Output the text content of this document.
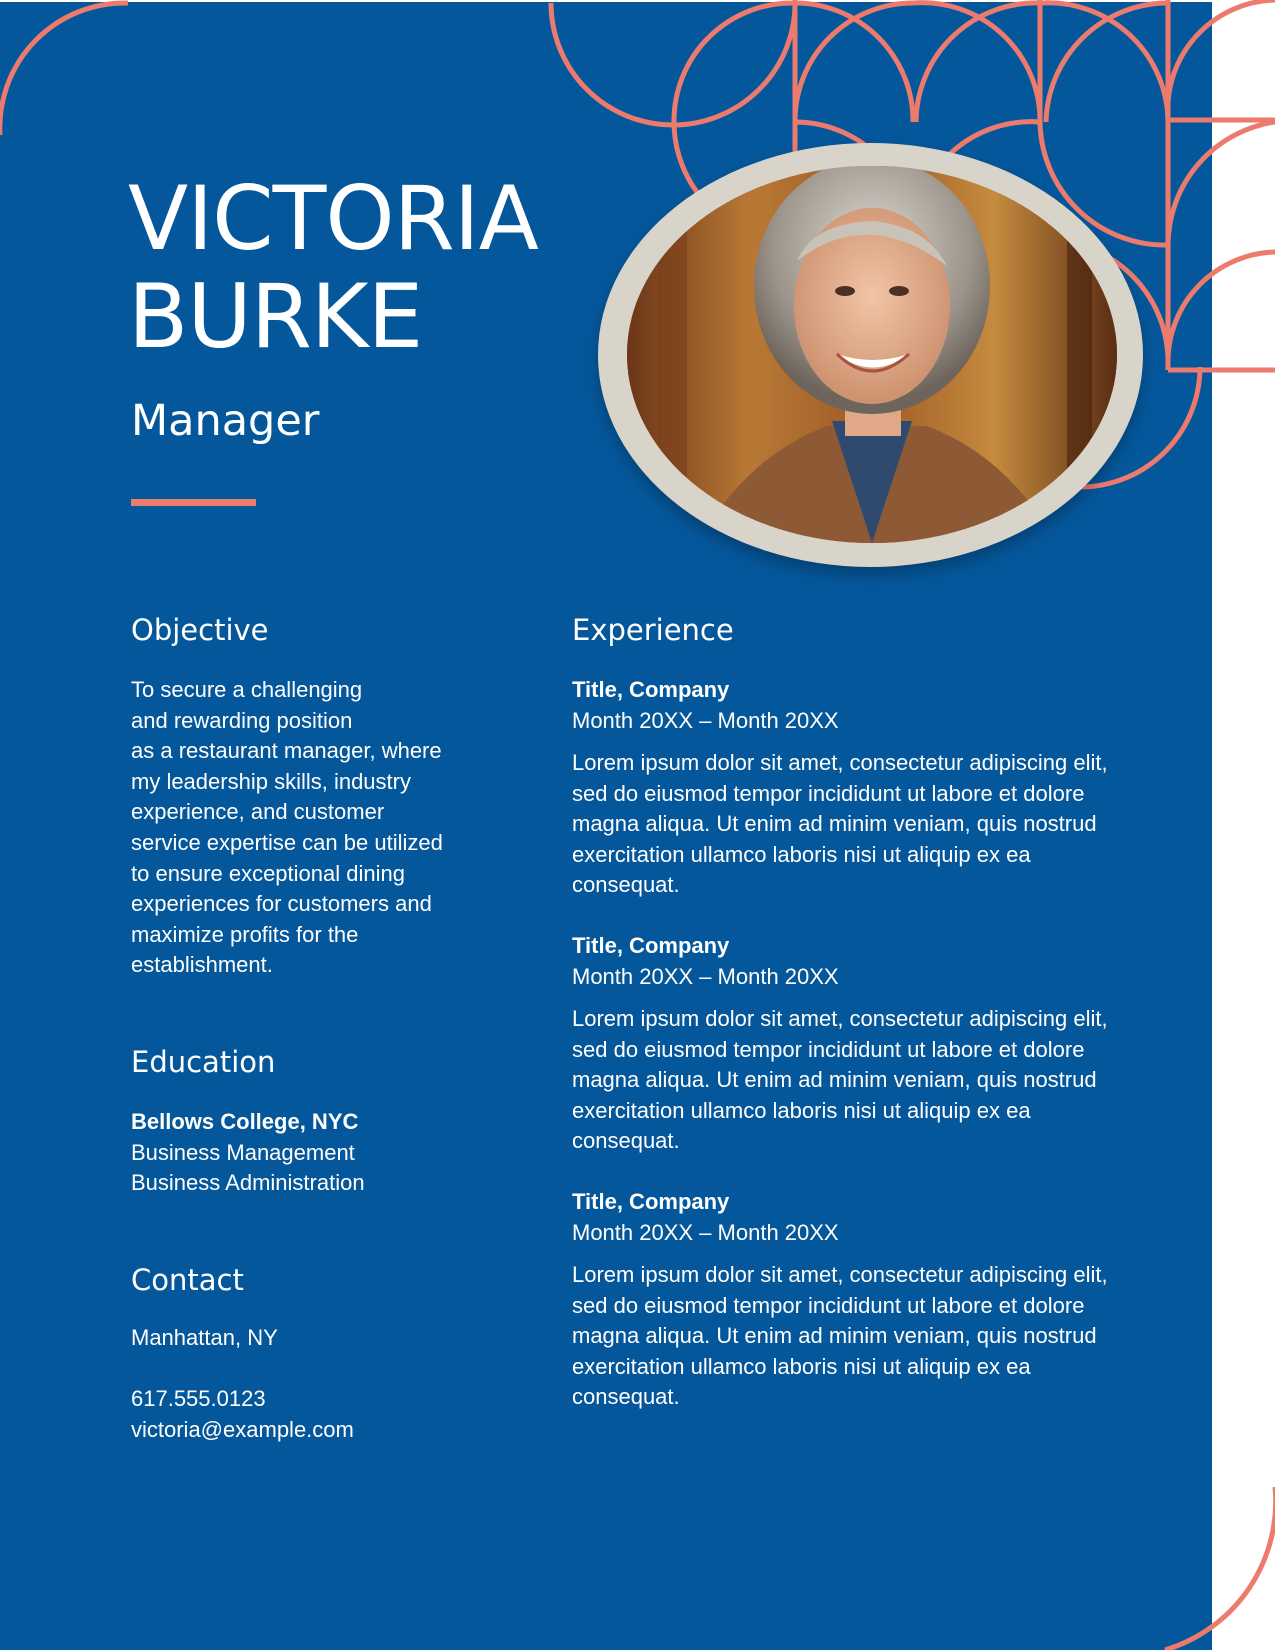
VICTORIA
BURKE
Manager
Objective
To secure a challenging
and rewarding position
as a restaurant manager, where
my leadership skills, industry
experience, and customer
service expertise can be utilized
to ensure exceptional dining
experiences for customers and
maximize profits for the
establishment.
Education
Bellows College, NYC
Business Management
Business Administration
Contact
Manhattan, NY
617.555.0123
victoria@example.com
Experience
Title, Company
Month 20XX – Month 20XX
Lorem ipsum dolor sit amet, consectetur adipiscing elit,
sed do eiusmod tempor incididunt ut labore et dolore
magna aliqua. Ut enim ad minim veniam, quis nostrud
exercitation ullamco laboris nisi ut aliquip ex ea
consequat.
Title, Company
Month 20XX – Month 20XX
Lorem ipsum dolor sit amet, consectetur adipiscing elit,
sed do eiusmod tempor incididunt ut labore et dolore
magna aliqua. Ut enim ad minim veniam, quis nostrud
exercitation ullamco laboris nisi ut aliquip ex ea
consequat.
Title, Company
Month 20XX – Month 20XX
Lorem ipsum dolor sit amet, consectetur adipiscing elit,
sed do eiusmod tempor incididunt ut labore et dolore
magna aliqua. Ut enim ad minim veniam, quis nostrud
exercitation ullamco laboris nisi ut aliquip ex ea
consequat.
